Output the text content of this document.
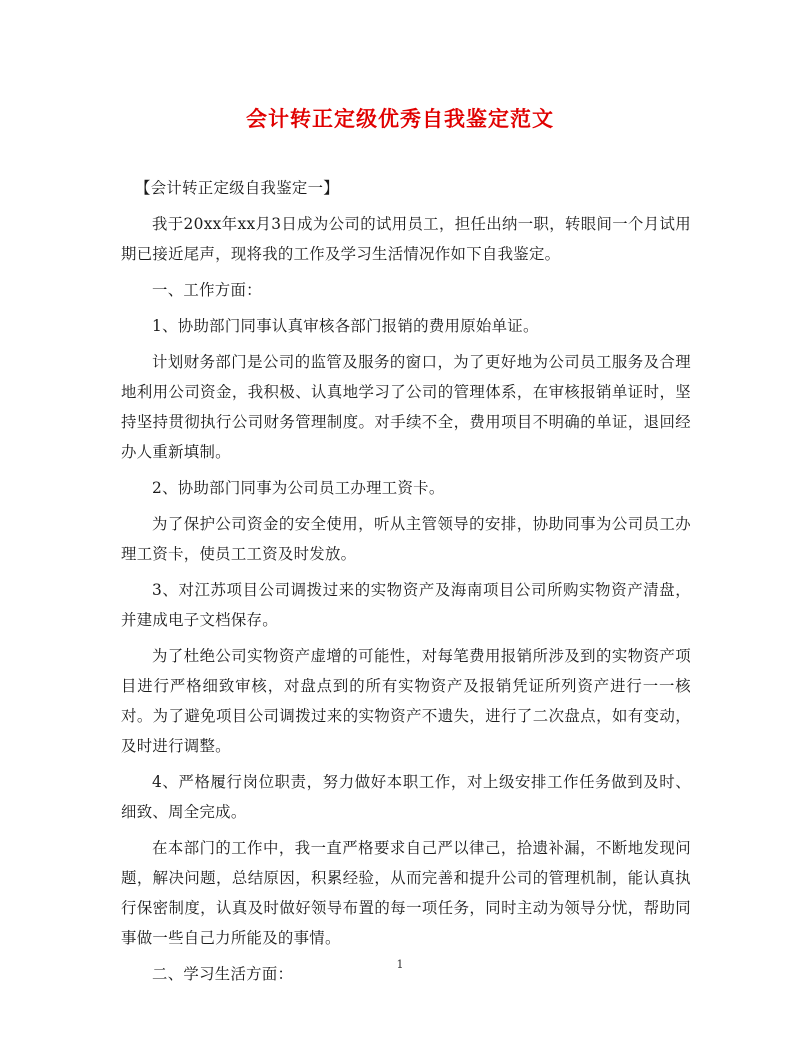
会计转正定级优秀自我鉴定范文

【会计转正定级自我鉴定一】

我于20xx年xx月3日成为公司的试用员工，担任出纳一职，转眼间一个月试用期已接近尾声，现将我的工作及学习生活情况作如下自我鉴定。

一、工作方面：

1、协助部门同事认真审核各部门报销的费用原始单证。

计划财务部门是公司的监管及服务的窗口，为了更好地为公司员工服务及合理地利用公司资金，我积极、认真地学习了公司的管理体系，在审核报销单证时，坚持坚持贯彻执行公司财务管理制度。对手续不全，费用项目不明确的单证，退回经办人重新填制。

2、协助部门同事为公司员工办理工资卡。

为了保护公司资金的安全使用，听从主管领导的安排，协助同事为公司员工办理工资卡，使员工工资及时发放。

3、对江苏项目公司调拨过来的实物资产及海南项目公司所购实物资产清盘，并建成电子文档保存。

为了杜绝公司实物资产虚增的可能性，对每笔费用报销所涉及到的实物资产项目进行严格细致审核，对盘点到的所有实物资产及报销凭证所列资产进行一一核对。为了避免项目公司调拨过来的实物资产不遗失，进行了二次盘点，如有变动，及时进行调整。

4、严格履行岗位职责，努力做好本职工作，对上级安排工作任务做到及时、细致、周全完成。

在本部门的工作中，我一直严格要求自己严以律己，拾遗补漏，不断地发现问题，解决问题，总结原因，积累经验，从而完善和提升公司的管理机制，能认真执行保密制度，认真及时做好领导布置的每一项任务，同时主动为领导分忧，帮助同事做一些自己力所能及的事情。

二、学习生活方面：

1
